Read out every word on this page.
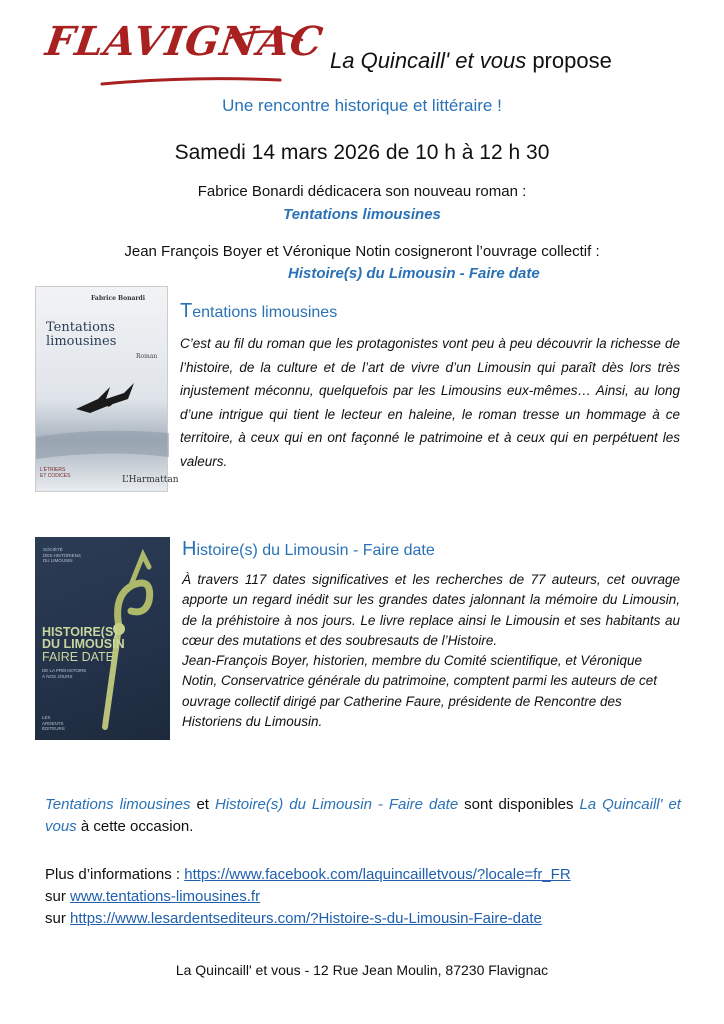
FLAVIGNAC La Quincaill' et vous propose
Une rencontre historique et littéraire !
Samedi 14 mars 2026 de 10 h à 12 h 30
Fabrice Bonardi dédicacera son nouveau roman :
Tentations limousines
Jean François Boyer et Véronique Notin cosigneront l’ouvrage collectif :
Histoire(s) du Limousin - Faire date
Fabrice Bonardi
Tentations
limousines
Roman
L’ÉTRIERS
ET CODICES	L’Harmattan
SOCIÉTÉ
DES HISTORIENS
DU LIMOUSIN
HISTOIRE(S)
DU LIMOUSIN
FAIRE DATE
DE LA PRÉHISTOIRE
À NOS JOURS
LES
ARDENTS
ÉDITEURS
Tentations limousines
C’est au fil du roman que les protagonistes vont peu à peu découvrir la richesse de l’histoire, de la culture et de l’art de vivre d’un Limousin qui paraît dès lors très injustement méconnu, quelquefois par les Limousins eux-mêmes… Ainsi, au long d’une intrigue qui tient le lecteur en haleine, le roman tresse un hommage à ce territoire, à ceux qui en ont façonné le patrimoine et à ceux qui en perpétuent les valeurs.
Histoire(s) du Limousin - Faire date
À travers 117 dates significatives et les recherches de 77 auteurs, cet ouvrage apporte un regard inédit sur les grandes dates jalonnant la mémoire du Limousin, de la préhistoire à nos jours. Le livre replace ainsi le Limousin et ses habitants au cœur des mutations et des soubresauts de l’Histoire.
Jean-François Boyer, historien, membre du Comité scientifique, et Véronique Notin, Conservatrice générale du patrimoine, comptent parmi les auteurs de cet ouvrage collectif dirigé par Catherine Faure, présidente de Rencontre des Historiens du Limousin.
Tentations limousines et Histoire(s) du Limousin - Faire date sont disponibles La Quincaill' et vous à cette occasion.
Plus d’informations : https://www.facebook.com/laquincailletvous/?locale=fr_FR
sur www.tentations-limousines.fr
sur https://www.lesardentsediteurs.com/?Histoire-s-du-Limousin-Faire-date
La Quincaill' et vous - 12 Rue Jean Moulin, 87230 Flavignac
